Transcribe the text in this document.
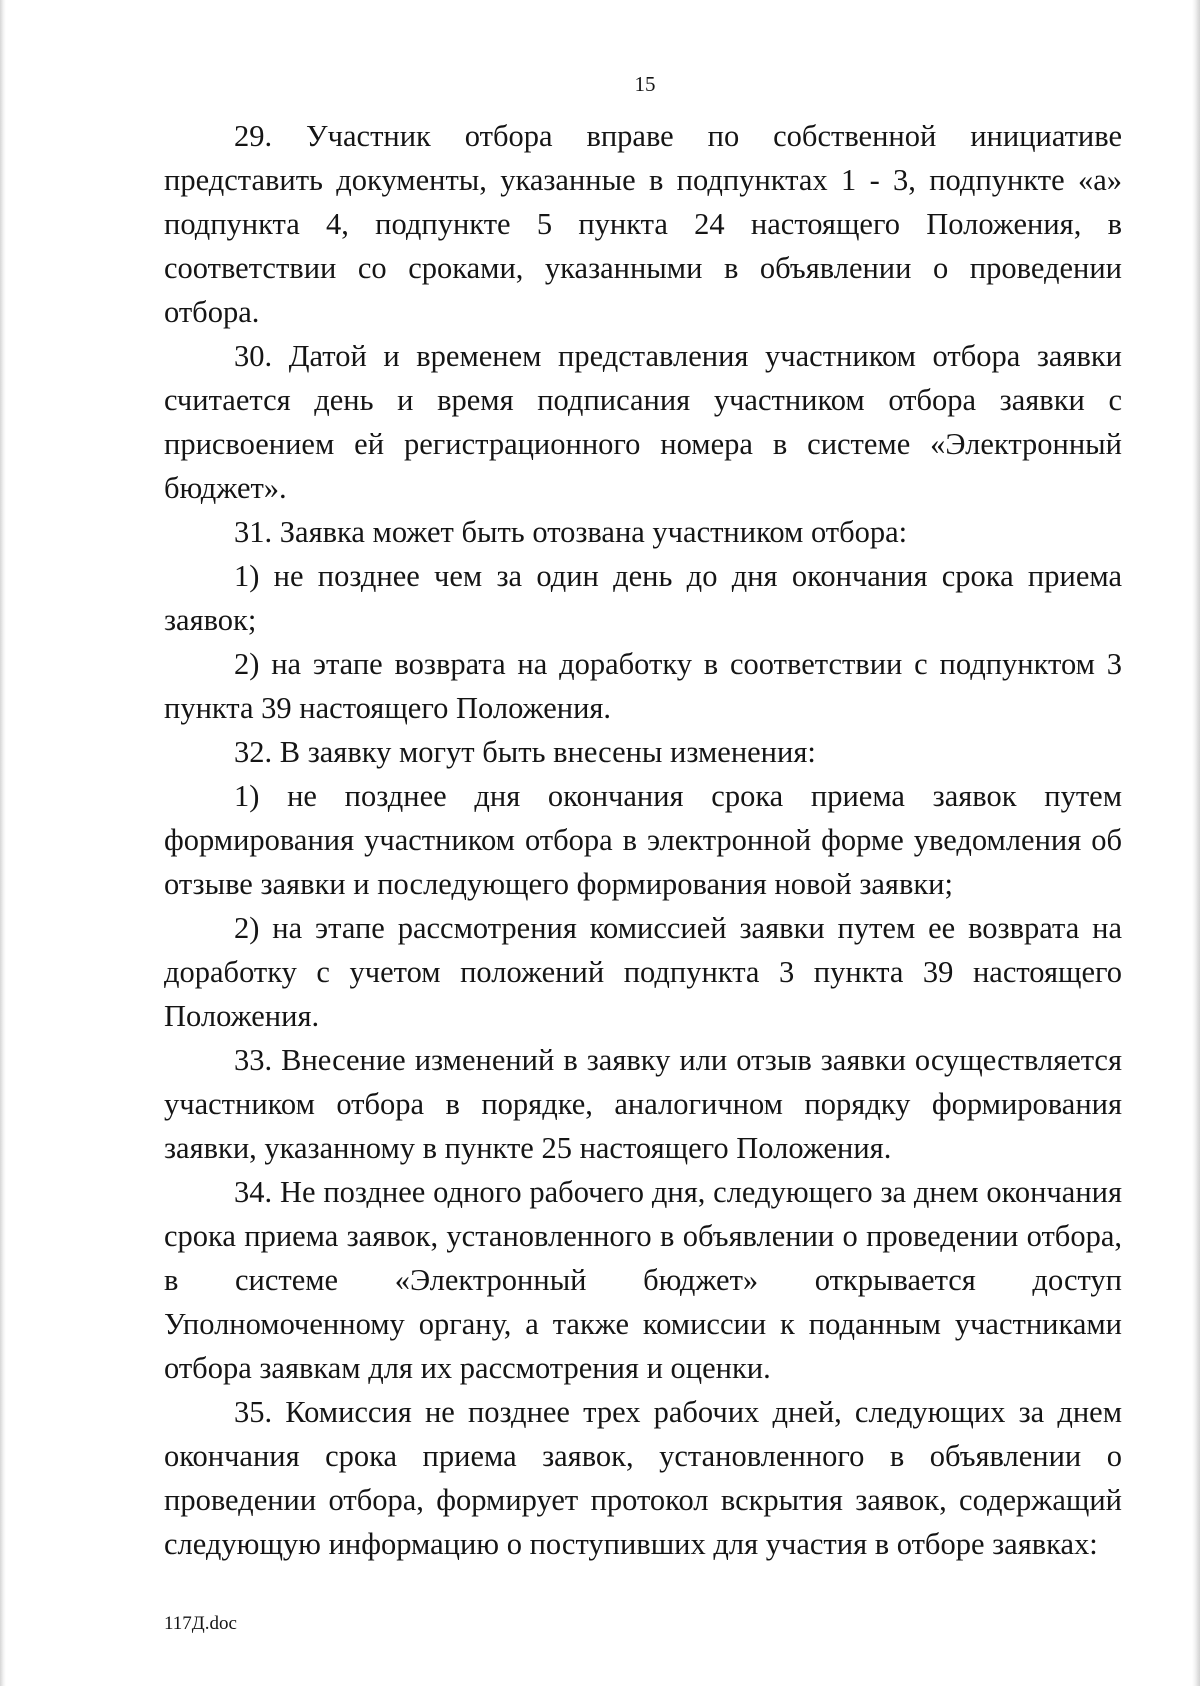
15

29. Участник отбора вправе по собственной инициативе представить документы, указанные в подпунктах 1 - 3, подпункте «а» подпункта 4, подпункте 5 пункта 24 настоящего Положения, в соответствии со сроками, указанными в объявлении о проведении отбора.

30. Датой и временем представления участником отбора заявки считается день и время подписания участником отбора заявки с присвоением ей регистрационного номера в системе «Электронный бюджет».

31. Заявка может быть отозвана участником отбора:

1) не позднее чем за один день до дня окончания срока приема заявок;

2) на этапе возврата на доработку в соответствии с подпунктом 3 пункта 39 настоящего Положения.

32. В заявку могут быть внесены изменения:

1) не позднее дня окончания срока приема заявок путем формирования участником отбора в электронной форме уведомления об отзыве заявки и последующего формирования новой заявки;

2) на этапе рассмотрения комиссией заявки путем ее возврата на доработку с учетом положений подпункта 3 пункта 39 настоящего Положения.

33. Внесение изменений в заявку или отзыв заявки осуществляется участником отбора в порядке, аналогичном порядку формирования заявки, указанному в пункте 25 настоящего Положения.

34. Не позднее одного рабочего дня, следующего за днем окончания срока приема заявок, установленного в объявлении о проведении отбора, в системе «Электронный бюджет» открывается доступ Уполномоченному органу, а также комиссии к поданным участниками отбора заявкам для их рассмотрения и оценки.

35. Комиссия не позднее трех рабочих дней, следующих за днем окончания срока приема заявок, установленного в объявлении о проведении отбора, формирует протокол вскрытия заявок, содержащий следующую информацию о поступивших для участия в отборе заявках:

117Д.doc
